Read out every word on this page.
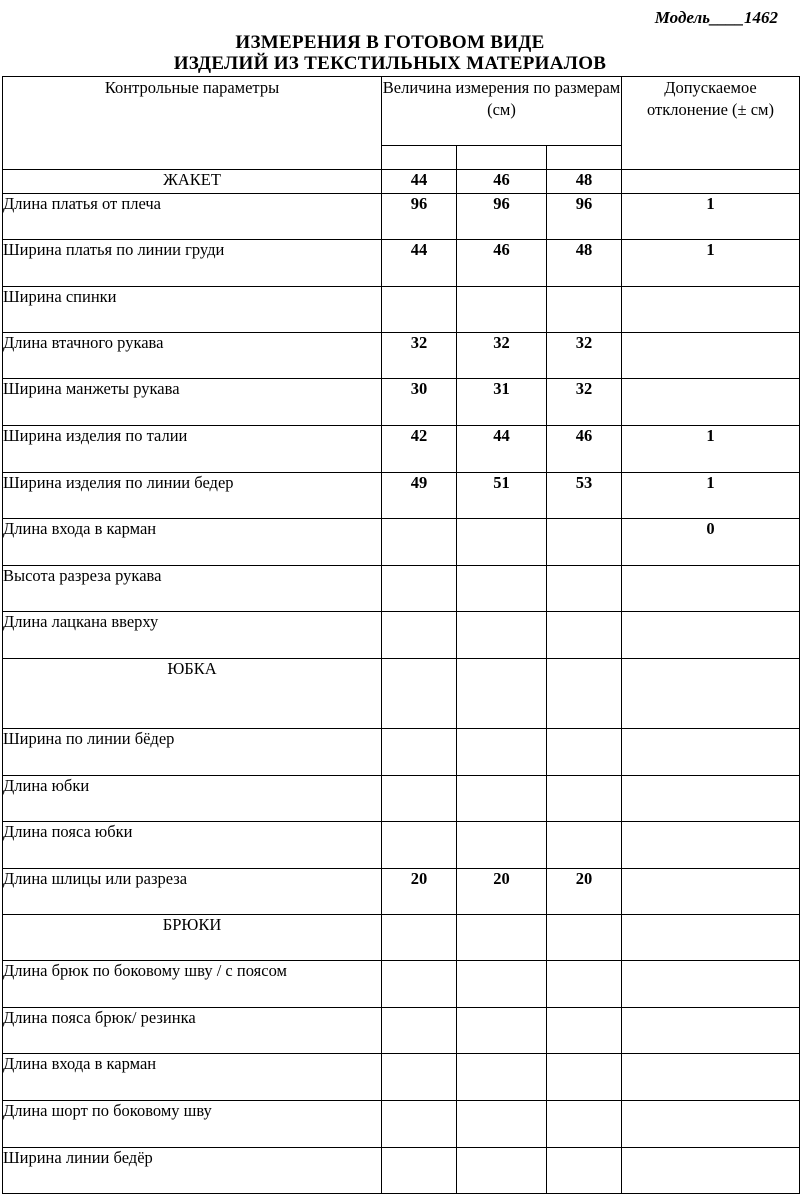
Модель____1462
ИЗМЕРЕНИЯ В ГОТОВОМ ВИДЕ
ИЗДЕЛИЙ ИЗ ТЕКСТИЛЬНЫХ МАТЕРИАЛОВ
Контрольные параметры	Величина измерения по размерам (см)			Допускаемое отклонение (± см)

ЖАКЕТ	44	46	48	
Длина платья от плеча	96	96	96	1
Ширина платья по линии груди	44	46	48	1
Ширина спинки				
Длина втачного рукава	32	32	32	
Ширина манжеты рукава	30	31	32	
Ширина изделия по талии	42	44	46	1
Ширина изделия по линии бедер	49	51	53	1
Длина входа в карман				0
Высота разреза рукава				
Длина лацкана вверху				
ЮБКА				
Ширина по линии бёдер				
Длина юбки				
Длина пояса юбки				
Длина шлицы или разреза	20	20	20	
БРЮКИ				
Длина брюк по боковому шву / с поясом				
Длина пояса брюк/ резинка				
Длина входа в карман				
Длина шорт по боковому шву				
Ширина линии бедёр				
